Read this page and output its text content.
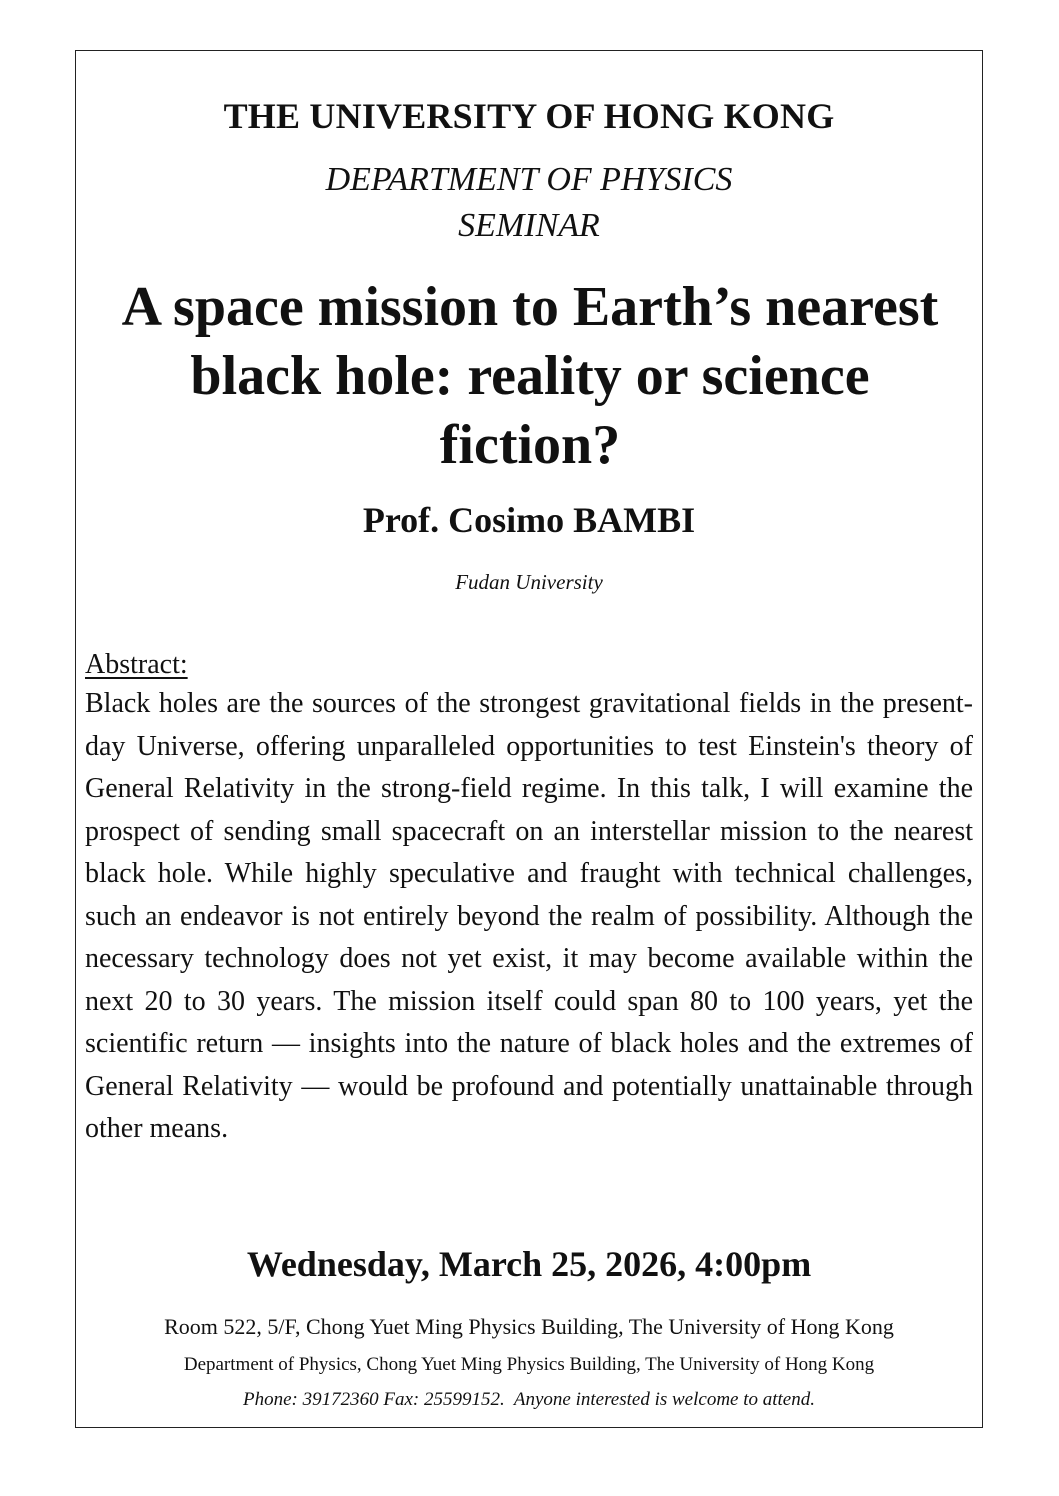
THE UNIVERSITY OF HONG KONG
DEPARTMENT OF PHYSICS
SEMINAR
A space mission to Earth’s nearest black hole: reality or science fiction?
Prof. Cosimo BAMBI
Fudan University
Abstract:
Black holes are the sources of the strongest gravitational fields in the present-day Universe, offering unparalleled opportunities to test Einstein's theory of General Relativity in the strong-field regime. In this talk, I will examine the prospect of sending small spacecraft on an interstellar mission to the nearest black hole. While highly speculative and fraught with technical challenges, such an endeavor is not entirely beyond the realm of possibility. Although the necessary technology does not yet exist, it may become available within the next 20 to 30 years. The mission itself could span 80 to 100 years, yet the scientific return — insights into the nature of black holes and the extremes of General Relativity — would be profound and potentially unattainable through other means.
Wednesday, March 25, 2026, 4:00pm
Room 522, 5/F, Chong Yuet Ming Physics Building, The University of Hong Kong
Department of Physics, Chong Yuet Ming Physics Building, The University of Hong Kong
Phone: 39172360 Fax: 25599152.  Anyone interested is welcome to attend.
